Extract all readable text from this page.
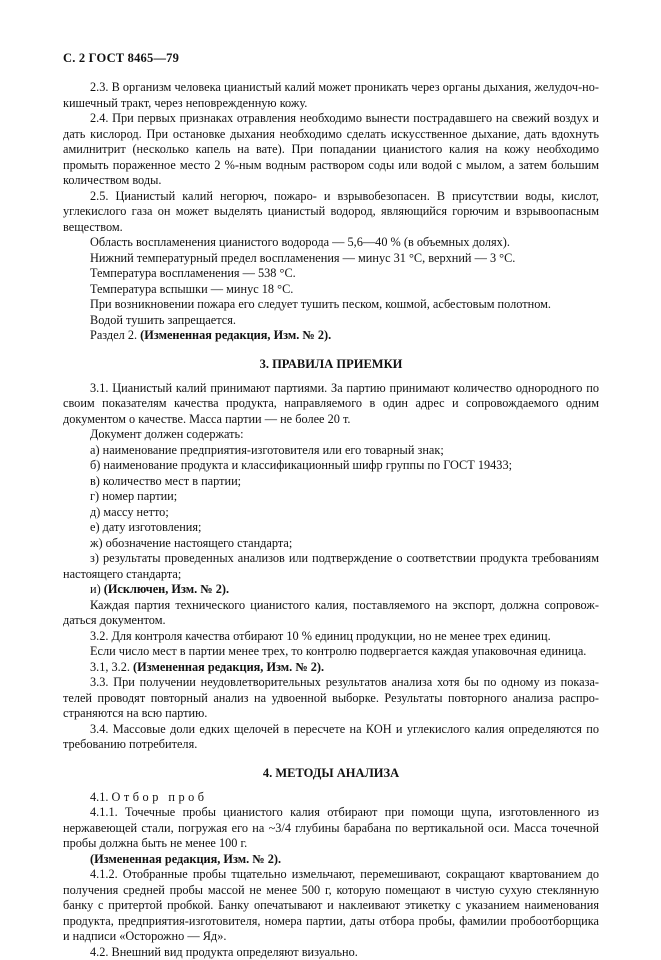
С. 2 ГОСТ 8465—79

2.3. В организм человека цианистый калий может проникать через органы дыхания, желудоч-но-кишечный тракт, через неповрежденную кожу.

2.4. При первых признаках отравления необходимо вынести пострадавшего на свежий воздух и дать кислород. При остановке дыхания необходимо сделать искусственное дыхание, дать вдохнуть амилнитрит (несколько капель на вате). При попадании цианистого калия на кожу необходимо промыть пораженное место 2 %-ным водным раствором соды или водой с мылом, а затем большим количеством воды.

2.5. Цианистый калий негорюч, пожаро- и взрывобезопасен. В присутствии воды, кислот, углекислого газа он может выделять цианистый водород, являющийся горючим и взрывоопасным веществом.

Область воспламенения цианистого водорода — 5,6—40 % (в объемных долях).

Нижний температурный предел воспламенения — минус 31 °С, верхний — 3 °С.

Температура воспламенения — 538 °С.

Температура вспышки — минус 18 °С.

При возникновении пожара его следует тушить песком, кошмой, асбестовым полотном.

Водой тушить запрещается.

Раздел 2. (Измененная редакция, Изм. № 2).

3. ПРАВИЛА ПРИЕМКИ

3.1. Цианистый калий принимают партиями. За партию принимают количество однородного по своим показателям качества продукта, направляемого в один адрес и сопровождаемого одним документом о качестве. Масса партии — не более 20 т.

Документ должен содержать:

а) наименование предприятия-изготовителя или его товарный знак;

б) наименование продукта и классификационный шифр группы по ГОСТ 19433;

в) количество мест в партии;

г) номер партии;

д) массу нетто;

е) дату изготовления;

ж) обозначение настоящего стандарта;

з) результаты проведенных анализов или подтверждение о соответствии продукта требованиям настоящего стандарта;

и) (Исключен, Изм. № 2).

Каждая партия технического цианистого калия, поставляемого на экспорт, должна сопровож-даться документом.

3.2. Для контроля качества отбирают 10 % единиц продукции, но не менее трех единиц.

Если число мест в партии менее трех, то контролю подвергается каждая упаковочная единица.

3.1, 3.2. (Измененная редакция, Изм. № 2).

3.3. При получении неудовлетворительных результатов анализа хотя бы по одному из показа-телей проводят повторный анализ на удвоенной выборке. Результаты повторного анализа распро-страняются на всю партию.

3.4. Массовые доли едких щелочей в пересчете на КОН и углекислого калия определяются по требованию потребителя.

4. МЕТОДЫ АНАЛИЗА

4.1. Отбор проб

4.1.1. Точечные пробы цианистого калия отбирают при помощи щупа, изготовленного из нержавеющей стали, погружая его на ~3/4 глубины барабана по вертикальной оси. Масса точечной пробы должна быть не менее 100 г.

(Измененная редакция, Изм. № 2).

4.1.2. Отобранные пробы тщательно измельчают, перемешивают, сокращают квартованием до получения средней пробы массой не менее 500 г, которую помещают в чистую сухую стеклянную банку с притертой пробкой. Банку опечатывают и наклеивают этикетку с указанием наименования продукта, предприятия-изготовителя, номера партии, даты отбора пробы, фамилии пробоотборщика и надписи «Осторожно — Яд».

4.2. Внешний вид продукта определяют визуально.
